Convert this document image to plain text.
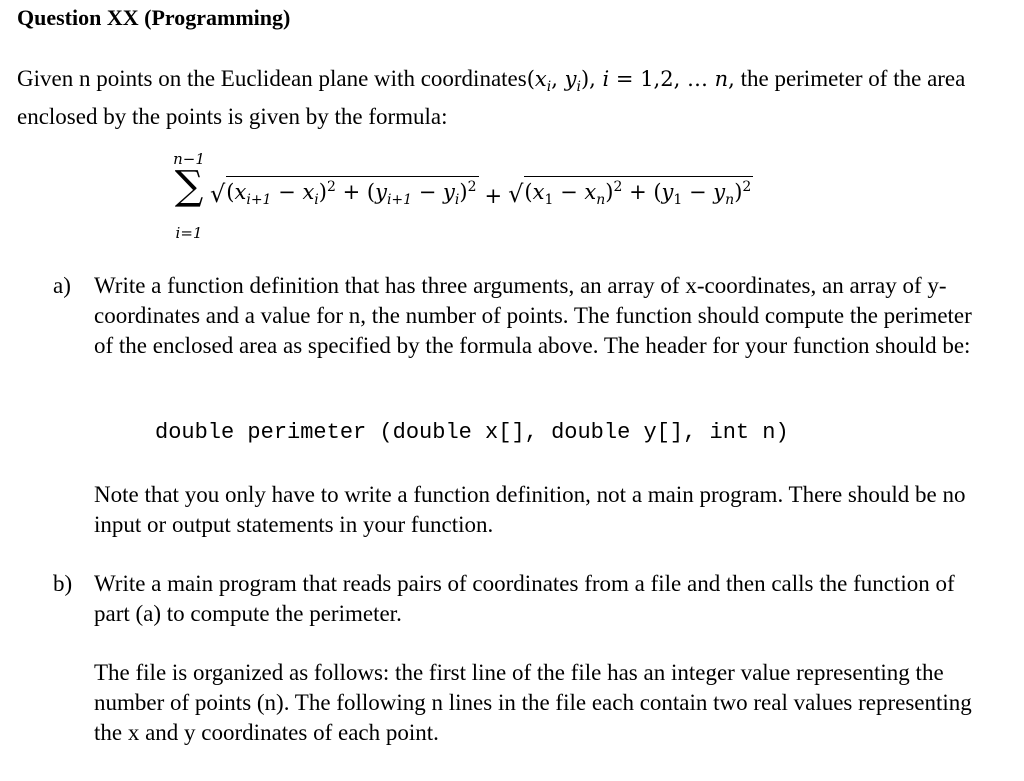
Question XX (Programming)
Given n points on the Euclidean plane with $coordinates(x_i$, $y_i$), i = 1,2, … n, the perimeter of the area enclosed by the points is given by the formula:
n−1
∑
i=1
√ $(x_{i+1} - x_i)^2 + (y_{i+1} - y_i)^2$ + √ $(x_1 - x_n)^2 + (y_1 - y_n)^2$
a) Write a function definition that has three arguments, an array of x-coordinates, an array of y-coordinates and a value for n, the number of points. The function should compute the perimeter of the enclosed area as specified by the formula above. The header for your function should be:
double perimeter (double x[], double y[], int n)
Note that you only have to write a function definition, not a main program. There should be no input or output statements in your function.
b) Write a main program that reads pairs of coordinates from a file and then calls the function of part (a) to compute the perimeter.
The file is organized as follows: the first line of the file has an integer value representing the number of points (n). The following n lines in the file each contain two real values representing the x and y coordinates of each point.
